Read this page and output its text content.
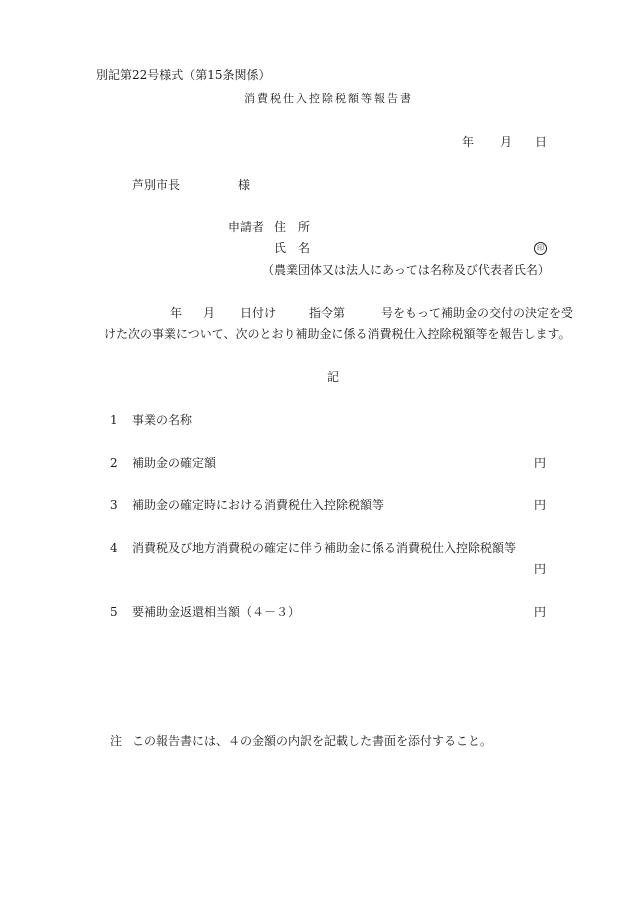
別記第22号様式（第15条関係）
消費税仕入控除税額等報告書
年 月 日
芦別市長	様
申請者 住　所
氏　名	印
（農業団体又は法人にあっては名称及び代表者氏名）
年 月 日付け	指令第	号をもって補助金の交付の決定を受
けた次の事業について、次のとおり補助金に係る消費税仕入控除税額等を報告します。
記
1 事業の名称
2 補助金の確定額	円
3 補助金の確定時における消費税仕入控除税額等	円
4 消費税及び地方消費税の確定に伴う補助金に係る消費税仕入控除税額等
円
5 要補助金返還相当額（４－３）	円
注 この報告書には、４の金額の内訳を記載した書面を添付すること。
